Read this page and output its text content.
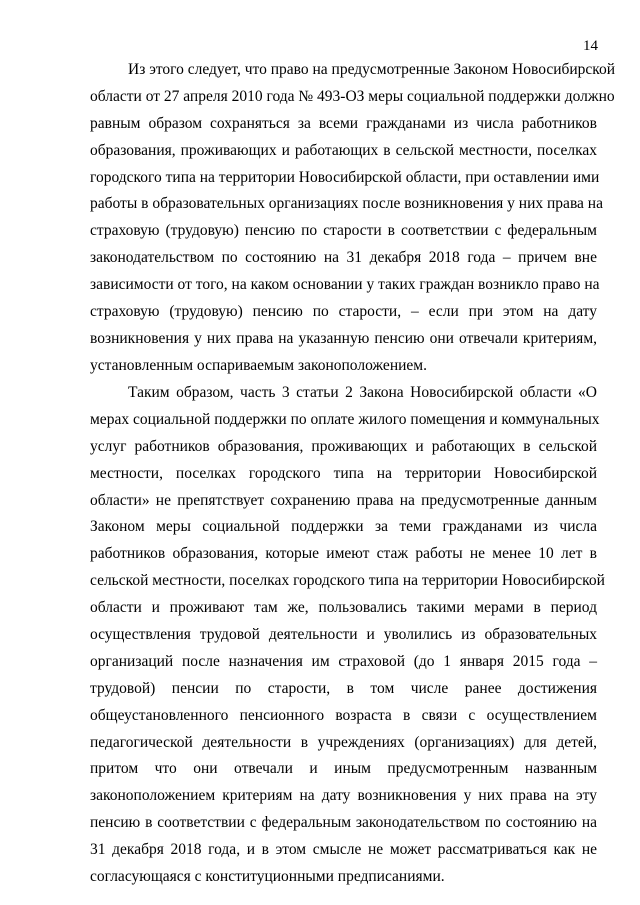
14
Из этого следует, что право на предусмотренные Законом Новосибирской
области от 27 апреля 2010 года № 493-ОЗ меры социальной поддержки должно
равным образом сохраняться за всеми гражданами из числа работников
образования, проживающих и работающих в сельской местности, поселках
городского типа на территории Новосибирской области, при оставлении ими
работы в образовательных организациях после возникновения у них права на
страховую (трудовую) пенсию по старости в соответствии с федеральным
законодательством по состоянию на 31 декабря 2018 года – причем вне
зависимости от того, на каком основании у таких граждан возникло право на
страховую (трудовую) пенсию по старости, – если при этом на дату
возникновения у них права на указанную пенсию они отвечали критериям,
установленным оспариваемым законоположением.
Таким образом, часть 3 статьи 2 Закона Новосибирской области «О
мерах социальной поддержки по оплате жилого помещения и коммунальных
услуг работников образования, проживающих и работающих в сельской
местности, поселках городского типа на территории Новосибирской
области» не препятствует сохранению права на предусмотренные данным
Законом меры социальной поддержки за теми гражданами из числа
работников образования, которые имеют стаж работы не менее 10 лет в
сельской местности, поселках городского типа на территории Новосибирской
области и проживают там же, пользовались такими мерами в период
осуществления трудовой деятельности и уволились из образовательных
организаций после назначения им страховой (до 1 января 2015 года –
трудовой) пенсии по старости, в том числе ранее достижения
общеустановленного пенсионного возраста в связи с осуществлением
педагогической деятельности в учреждениях (организациях) для детей,
притом что они отвечали и иным предусмотренным названным
законоположением критериям на дату возникновения у них права на эту
пенсию в соответствии с федеральным законодательством по состоянию на
31 декабря 2018 года, и в этом смысле не может рассматриваться как не
согласующаяся с конституционными предписаниями.
